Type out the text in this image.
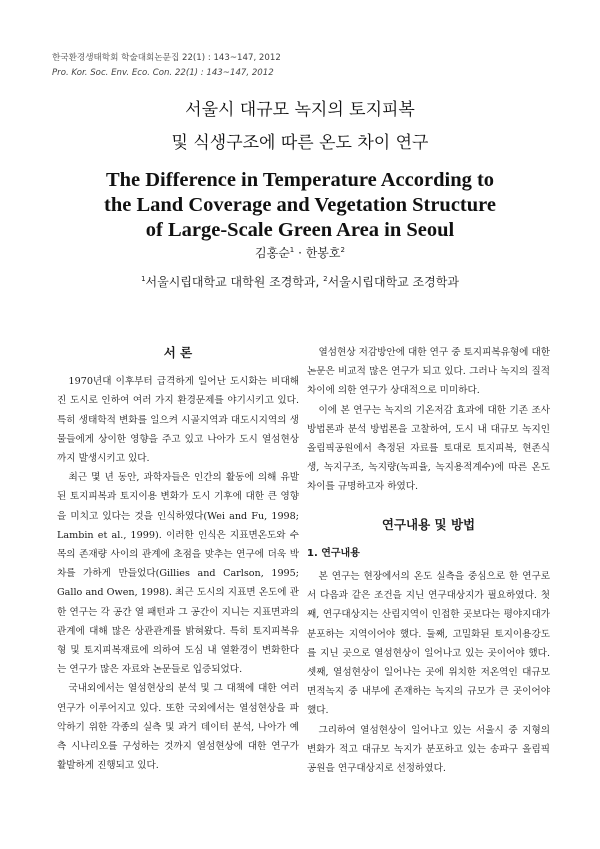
한국환경생태학회 학술대회논문집 22(1) : 143~147, 2012
Pro. Kor. Soc. Env. Eco. Con. 22(1) : 143~147, 2012
서울시 대규모 녹지의 토지피복
및 식생구조에 따른 온도 차이 연구
The Difference in Temperature According to
the Land Coverage and Vegetation Structure
of Large-Scale Green Area in Seoul
김홍순$^1$ · 한봉호$^2$
$^1$서울시립대학교 대학원 조경학과, $^2$서울시립대학교 조경학과
서 론

1970년대 이후부터 급격하게 일어난 도시화는 비대해진 도시로 인하여 여러 가지 환경문제를 야기시키고 있다. 특히 생태학적 변화를 일으켜 시골지역과 대도시지역의 생물들에게 상이한 영향을 주고 있고 나아가 도시 열섬현상까지 발생시키고 있다.

최근 몇 년 동안, 과학자들은 인간의 활동에 의해 유발된 토지피복과 토지이용 변화가 도시 기후에 대한 큰 영향을 미치고 있다는 것을 인식하였다(Wei and Fu, 1998; Lambin et al., 1999). 이러한 인식은 지표면온도와 수목의 존재량 사이의 관계에 초점을 맞추는 연구에 더욱 박차를 가하게 만들었다(Gillies and Carlson, 1995; Gallo and Owen, 1998). 최근 도시의 지표면 온도에 관한 연구는 각 공간 열 패턴과 그 공간이 지니는 지표면과의 관계에 대해 많은 상관관계를 밝혀왔다. 특히 토지피복유형 및 토지피복재료에 의하여 도심 내 열환경이 변화한다는 연구가 많은 자료와 논문들로 입증되었다.

국내외에서는 열섬현상의 분석 및 그 대책에 대한 여러 연구가 이루어지고 있다. 또한 국외에서는 열섬현상을 파악하기 위한 각종의 실측 및 과거 데이터 분석, 나아가 예측 시나리오를 구성하는 것까지 열섬현상에 대한 연구가 활발하게 진행되고 있다.

열섬현상 저감방안에 대한 연구 중 토지피복유형에 대한 논문은 비교적 많은 연구가 되고 있다. 그러나 녹지의 질적 차이에 의한 연구가 상대적으로 미미하다.

이에 본 연구는 녹지의 기온저감 효과에 대한 기존 조사방법론과 분석 방법론을 고찰하여, 도시 내 대규모 녹지인 올림픽공원에서 측정된 자료를 토대로 토지피복, 현존식생, 녹지구조, 녹지량(녹피율, 녹지용적계수)에 따른 온도 차이를 규명하고자 하였다.

연구내용 및 방법
1. 연구내용

본 연구는 현장에서의 온도 실측을 중심으로 한 연구로서 다음과 같은 조건을 지닌 연구대상지가 필요하였다. 첫째, 연구대상지는 산림지역이 인접한 곳보다는 평야지대가 분포하는 지역이어야 했다. 둘째, 고밀화된 토지이용강도를 지닌 곳으로 열섬현상이 일어나고 있는 곳이어야 했다. 셋째, 열섬현상이 일어나는 곳에 위치한 저온역인 대규모 면적녹지 중 내부에 존재하는 녹지의 규모가 큰 곳이어야 했다.

그리하여 열섬현상이 일어나고 있는 서울시 중 지형의 변화가 적고 대규모 녹지가 분포하고 있는 송파구 올림픽공원을 연구대상지로 선정하였다.
